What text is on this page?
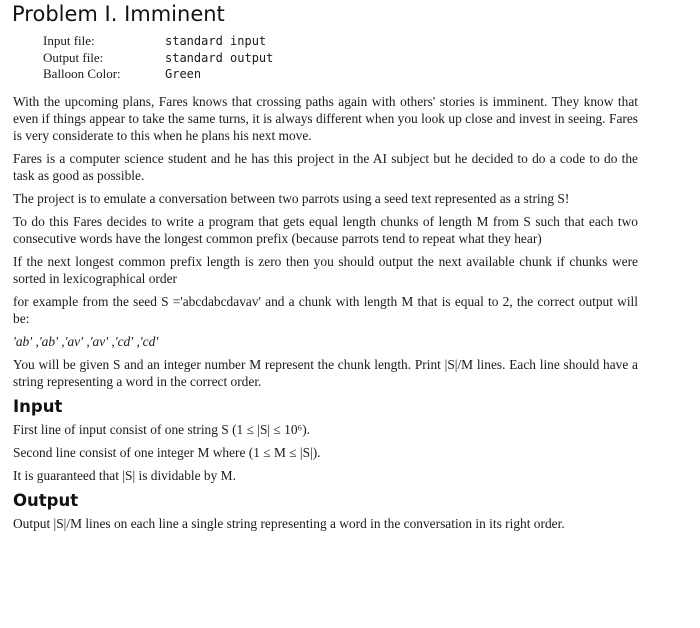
Problem I. Imminent
Input file:	standard input
Output file:	standard output
Balloon Color:	Green

With the upcoming plans, Fares knows that crossing paths again with others' stories is imminent. They know that even if things appear to take the same turns, it is always different when you look up close and invest in seeing. Fares is very considerate to this when he plans his next move.

Fares is a computer science student and he has this project in the AI subject but he decided to do a code to do the task as good as possible.

The project is to emulate a conversation between two parrots using a seed text represented as a string S!

To do this Fares decides to write a program that gets equal length chunks of length M from S such that each two consecutive words have the longest common prefix (because parrots tend to repeat what they hear)

If the next longest common prefix length is zero then you should output the next available chunk if chunks were sorted in lexicographical order

for example from the seed S ='abcdabcdavav' and a chunk with length M that is equal to 2, the correct output will be:

'ab' ,'ab' ,'av' ,'av' ,'cd' ,'cd'

You will be given S and an integer number M represent the chunk length. Print |S|/M lines. Each line should have a string representing a word in the correct order.

Input

First line of input consist of one string S (1 ≤ |S| ≤ 10⁶).

Second line consist of one integer M where (1 ≤ M ≤ |S|).

It is guaranteed that |S| is dividable by M.

Output

Output |S|/M lines on each line a single string representing a word in the conversation in its right order.
